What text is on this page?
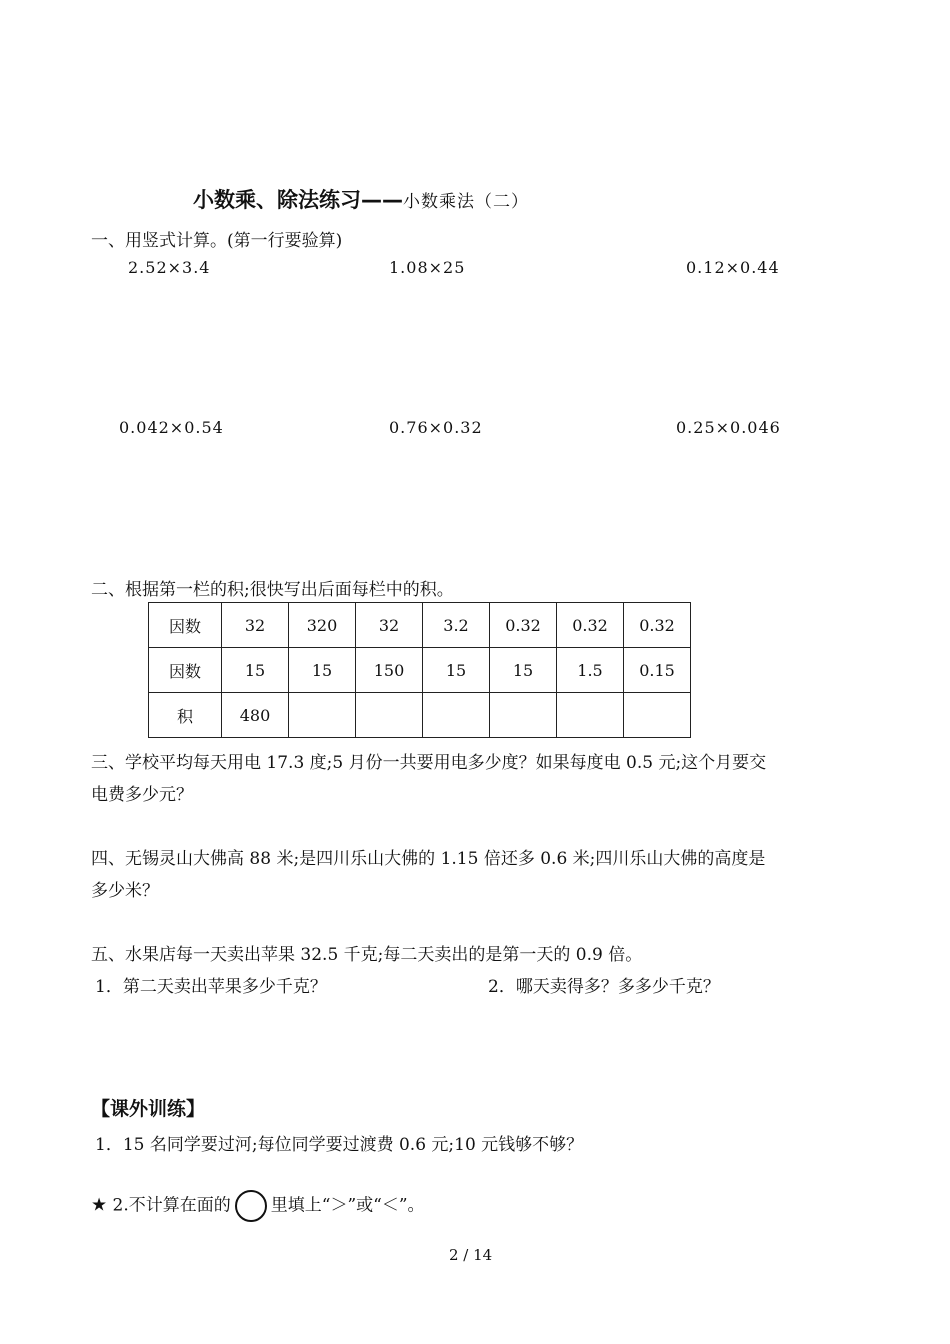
小数乘、除法练习——小数乘法（二）
一、用竖式计算。(第一行要验算)
2.52×3.4	1.08×25	0.12×0.44
0.042×0.54	0.76×0.32	0.25×0.046
二、根据第一栏的积;很快写出后面每栏中的积。
因数	32	320	32	3.2	0.32	0.32	0.32
因数	15	15	150	15	15	1.5	0.15
积	480						
三、学校平均每天用电 17.3 度;5 月份一共要用电多少度？如果每度电 0.5 元;这个月要交
电费多少元？
四、无锡灵山大佛高 88 米;是四川乐山大佛的 1.15 倍还多 0.6 米;四川乐山大佛的高度是
多少米？
五、水果店每一天卖出苹果 32.5 千克;每二天卖出的是第一天的 0.9 倍。
1．第二天卖出苹果多少千克？	2．哪天卖得多？多多少千克？
【课外训练】
1．15 名同学要过河;每位同学要过渡费 0.6 元;10 元钱够不够？
★ 2.不计算在面的 里填上“＞”或“＜”。
2 / 14
